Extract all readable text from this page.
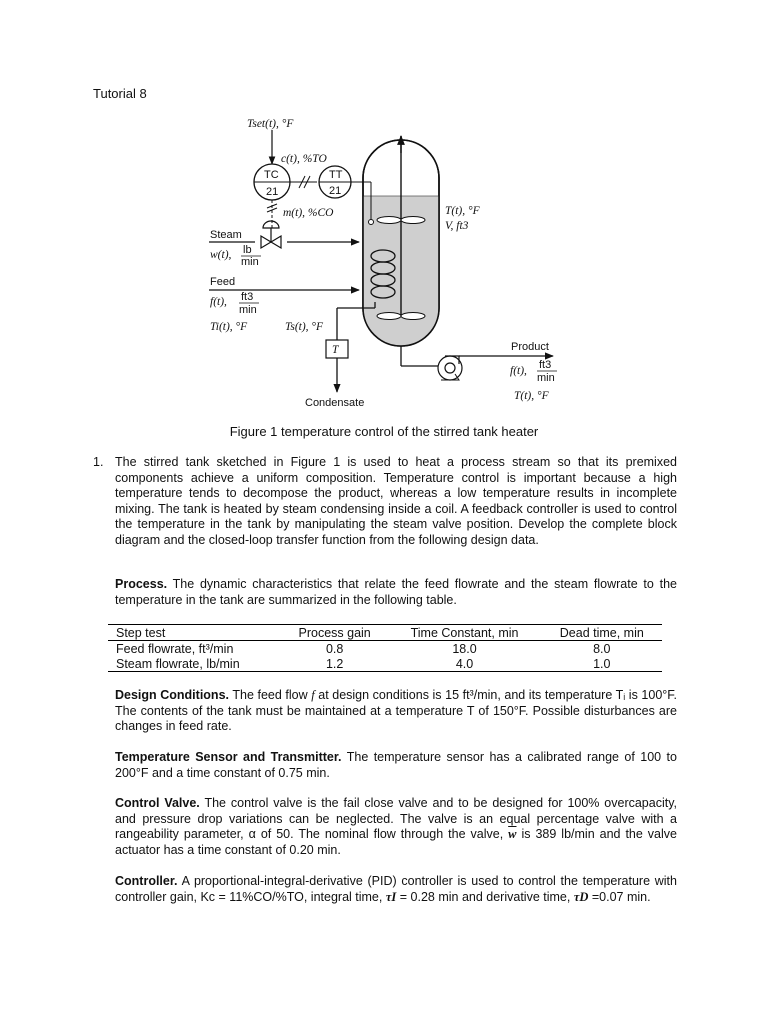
Tutorial 8
T
TC
21
TT
21
Tset(t), °F
c(t), %TO
m(t), %CO
Steam
w(t), lb
min
Feed
f(t), ft3
min
Ti(t), °F	Ts(t), °F
Condensate
T(t), °F
V, ft3
Product
f(t), ft3
min
T(t), °F
Figure 1 temperature control of the stirred tank heater
1. The stirred tank sketched in Figure 1 is used to heat a process stream so that its premixed components achieve a uniform composition. Temperature control is important because a high temperature tends to decompose the product, whereas a low temperature results in incomplete mixing. The tank is heated by steam condensing inside a coil. A feedback controller is used to control the temperature in the tank by manipulating the steam valve position. Develop the complete block diagram and the closed-loop transfer function from the following design data.
Process. The dynamic characteristics that relate the feed flowrate and the steam flowrate to the temperature in the tank are summarized in the following table.
Step test	Process gain	Time Constant, min	Dead time, min
Feed flowrate, ft³/min	0.8	18.0	8.0
Steam flowrate, lb/min	1.2	4.0	1.0
Design Conditions. The feed flow f at design conditions is 15 ft³/min, and its temperature Tᵢ is 100°F. The contents of the tank must be maintained at a temperature T of 150°F. Possible disturbances are changes in feed rate.
Temperature Sensor and Transmitter. The temperature sensor has a calibrated range of 100 to 200°F and a time constant of 0.75 min.
Control Valve. The control valve is the fail close valve and to be designed for 100% overcapacity, and pressure drop variations can be neglected. The valve is an equal percentage valve with a rangeability parameter, α of 50. The nominal flow through the valve, $\overline{w}$ is 389 lb/min and the valve actuator has a time constant of 0.20 min.
Controller. A proportional-integral-derivative (PID) controller is used to control the temperature with controller gain, Kc = 11%CO/%TO, integral time, τI = 0.28 min and derivative time, τD =0.07 min.
